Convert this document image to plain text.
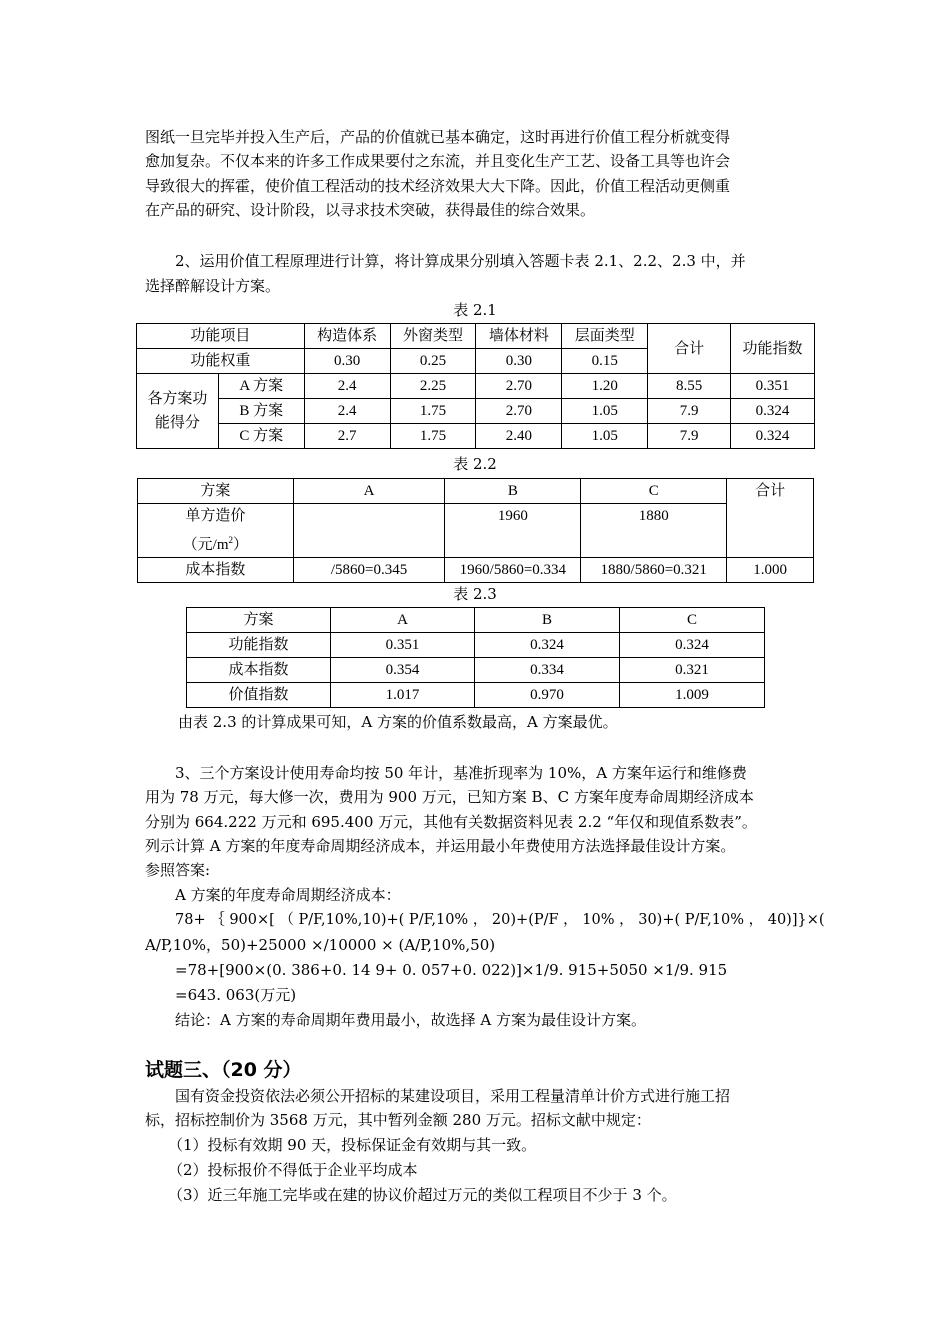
图纸一旦完毕并投入生产后，产品的价值就已基本确定，这时再进行价值工程分析就变得
愈加复杂。不仅本来的许多工作成果要付之东流，并且变化生产工艺、设备工具等也许会
导致很大的挥霍，使价值工程活动的技术经济效果大大下降。因此，价值工程活动更侧重
在产品的研究、设计阶段，以寻求技术突破，获得最佳的综合效果。
2、运用价值工程原理进行计算，将计算成果分别填入答题卡表 2.1、2.2、2.3 中，并
选择醉解设计方案。
表 2.1
功能项目		构造体系	外窗类型	墙体材料	层面类型	合计	功能指数
功能权重		0.30	0.25	0.30	0.15		
各方案功
能得分	A 方案	2.4	2.25	2.70	1.20	8.55	0.351
	B 方案	2.4	1.75	2.70	1.05	7.9	0.324
	C 方案	2.7	1.75	2.40	1.05	7.9	0.324
表 2.2
方案	A	B	C	合计
单方造价
（元$/m^2$）		1960	1880	
成本指数	/5860=0.345	1960/5860=0.334	1880/5860=0.321	1.000
表 2.3
方案	A	B	C
功能指数	0.351	0.324	0.324
成本指数	0.354	0.334	0.321
价值指数	1.017	0.970	1.009
由表 2.3 的计算成果可知，A 方案的价值系数最高，A 方案最优。
3、三个方案设计使用寿命均按 50 年计，基准折现率为 10%，A 方案年运行和维修费
用为 78 万元，每大修一次，费用为 900 万元，已知方案 B、C 方案年度寿命周期经济成本
分别为 664.222 万元和 695.400 万元，其他有关数据资料见表 2.2 “年仅和现值系数表”。
列示计算 A 方案的年度寿命周期经济成本，并运用最小年费使用方法选择最佳设计方案。
参照答案:
A 方案的年度寿命周期经济成本：
78+ ｛ 900×[ （ P/F,10%,10)+( P/F,10% ， 20)+(P/F ， 10% ， 30)+( P/F,10% ， 40)]}×(
A/P,10%，50)+25000 ×/10000 × (A/P,10%,50)
=78+[900×(0. 386+0. 14 9+ 0. 057+0. 022)]×1/9. 915+5050 ×1/9. 915
=643. 063(万元)
结论：A 方案的寿命周期年费用最小，故选择 A 方案为最佳设计方案。
试题三、（20 分）
国有资金投资依法必须公开招标的某建设项目，采用工程量清单计价方式进行施工招
标，招标控制价为 3568 万元，其中暂列金额 280 万元。招标文献中规定：
（1）投标有效期 90 天，投标保证金有效期与其一致。
（2）投标报价不得低于企业平均成本
（3）近三年施工完毕或在建的协议价超过万元的类似工程项目不少于 3 个。
